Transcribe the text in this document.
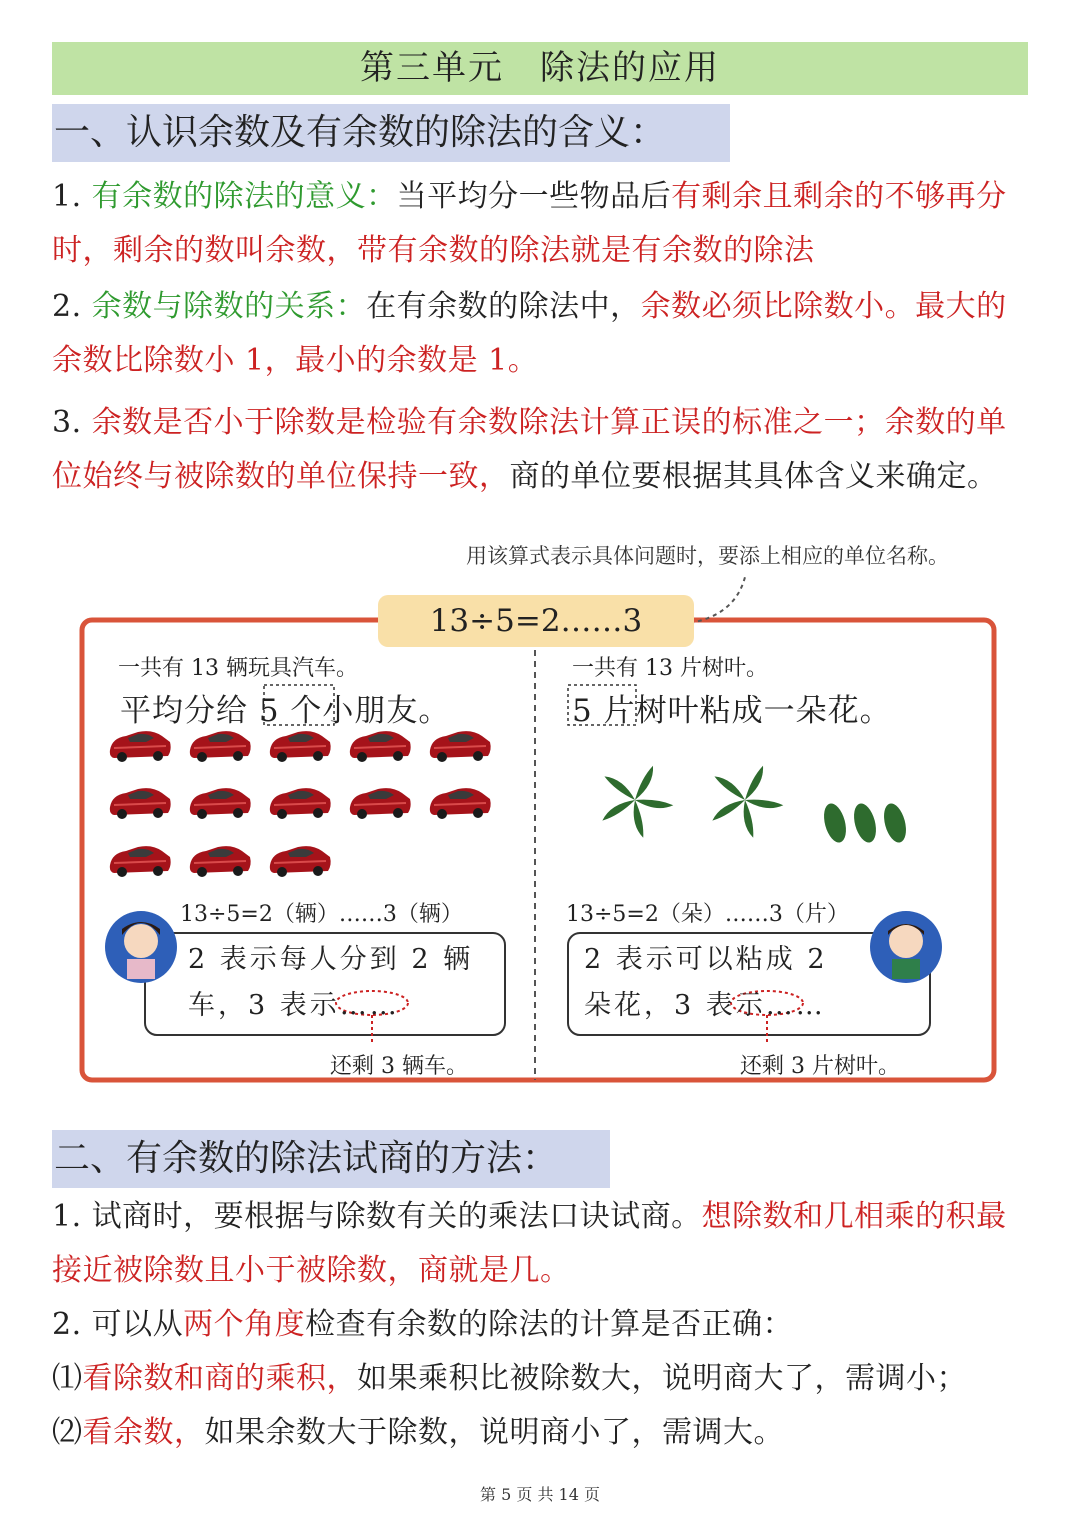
第三单元　除法的应用
一、认识余数及有余数的除法的含义：
1. 有余数的除法的意义：当平均分一些物品后有剩余且剩余的不够再分时，剩余的数叫余数，带有余数的除法就是有余数的除法
2. 余数与除数的关系：在有余数的除法中，余数必须比除数小。最大的余数比除数小 1，最小的余数是 1。
3. 余数是否小于除数是检验有余数除法计算正误的标准之一；余数的单位始终与被除数的单位保持一致，商的单位要根据其具体含义来确定。
用该算式表示具体问题时，要添上相应的单位名称。
13÷5=2……3
一共有 13 辆玩具汽车。
平均分给 5 个小朋友。
13÷5=2（辆）……3（辆）
2 表示每人分到 2 辆车，3 表示……
还剩 3 辆车。
一共有 13 片树叶。
5 片树叶粘成一朵花。
13÷5=2（朵）……3（片）
2 表示可以粘成 2 朵花，3 表示……
还剩 3 片树叶。
二、有余数的除法试商的方法：
1. 试商时，要根据与除数有关的乘法口诀试商。想除数和几相乘的积最接近被除数且小于被除数，商就是几。
2. 可以从两个角度检查有余数的除法的计算是否正确：
⑴看除数和商的乘积，如果乘积比被除数大，说明商大了，需调小；
⑵看余数，如果余数大于除数，说明商小了，需调大。
第 5 页 共 14 页
